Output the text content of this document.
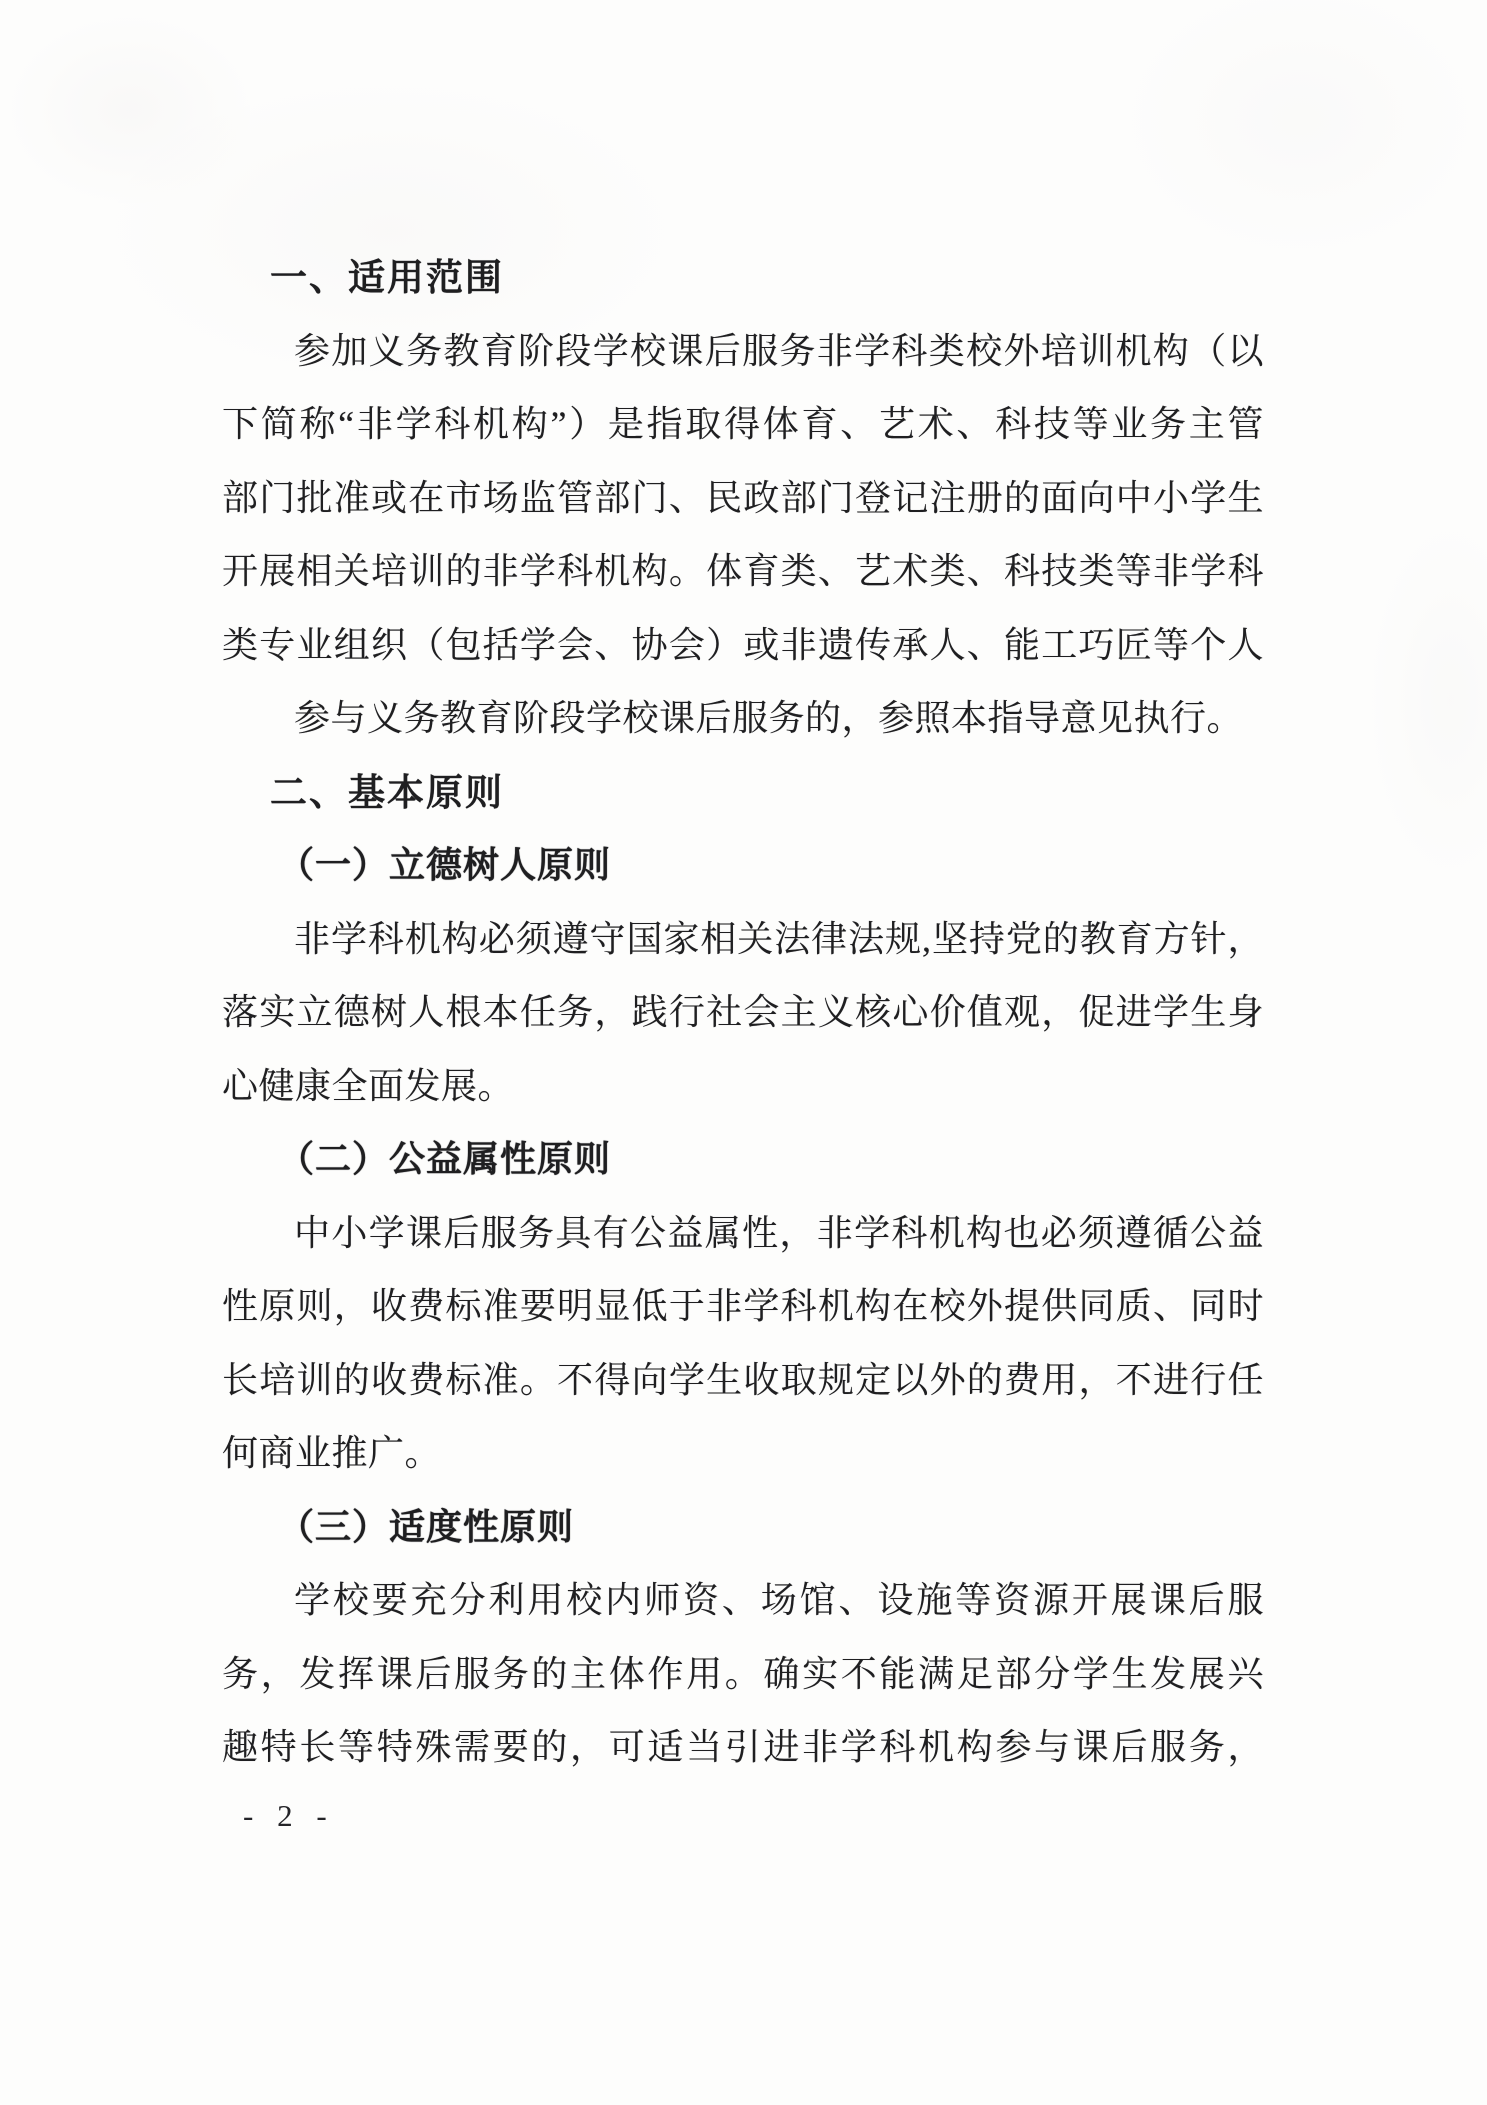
一、适用范围
参加义务教育阶段学校课后服务非学科类校外培训机构（以
下简称“非学科机构”）是指取得体育、艺术、科技等业务主管
部门批准或在市场监管部门、民政部门登记注册的面向中小学生
开展相关培训的非学科机构。体育类、艺术类、科技类等非学科
类专业组织（包括学会、协会）或非遗传承人、能工巧匠等个人
参与义务教育阶段学校课后服务的，参照本指导意见执行。
二、基本原则
（一）立德树人原则
非学科机构必须遵守国家相关法律法规,坚持党的教育方针，
落实立德树人根本任务，践行社会主义核心价值观，促进学生身
心健康全面发展。
（二）公益属性原则
中小学课后服务具有公益属性，非学科机构也必须遵循公益
性原则，收费标准要明显低于非学科机构在校外提供同质、同时
长培训的收费标准。不得向学生收取规定以外的费用，不进行任
何商业推广。
（三）适度性原则
学校要充分利用校内师资、场馆、设施等资源开展课后服
务，发挥课后服务的主体作用。确实不能满足部分学生发展兴
趣特长等特殊需要的，可适当引进非学科机构参与课后服务，
- 2 -
